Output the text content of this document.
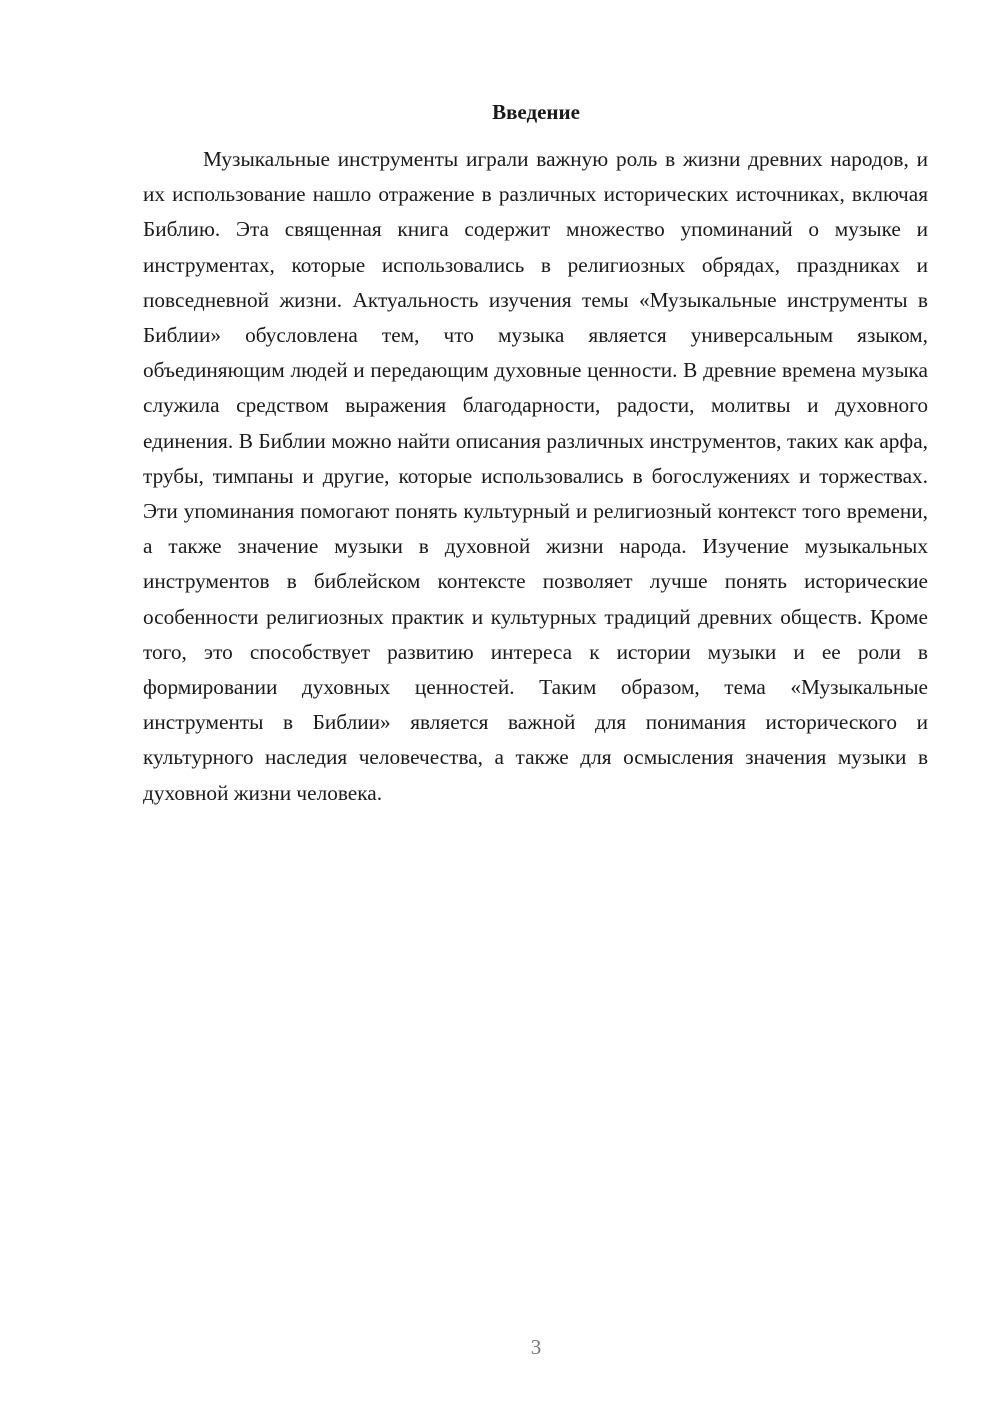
Введение

Музыкальные инструменты играли важную роль в жизни древних народов, и их использование нашло отражение в различных исторических источниках, включая Библию. Эта священная книга содержит множество упоминаний о музыке и инструментах, которые использовались в религиозных обрядах, праздниках и повседневной жизни. Актуальность изучения темы «Музыкальные инструменты в Библии» обусловлена тем, что музыка является универсальным языком, объединяющим людей и передающим духовные ценности. В древние времена музыка служила средством выражения благодарности, радости, молитвы и духовного единения. В Библии можно найти описания различных инструментов, таких как арфа, трубы, тимпаны и другие, которые использовались в богослужениях и торжествах. Эти упоминания помогают понять культурный и религиозный контекст того времени, а также значение музыки в духовной жизни народа. Изучение музыкальных инструментов в библейском контексте позволяет лучше понять исторические особенности религиозных практик и культурных традиций древних обществ. Кроме того, это способствует развитию интереса к истории музыки и ее роли в формировании духовных ценностей. Таким образом, тема «Музыкальные инструменты в Библии» является важной для понимания исторического и культурного наследия человечества, а также для осмысления значения музыки в духовной жизни человека.

3
